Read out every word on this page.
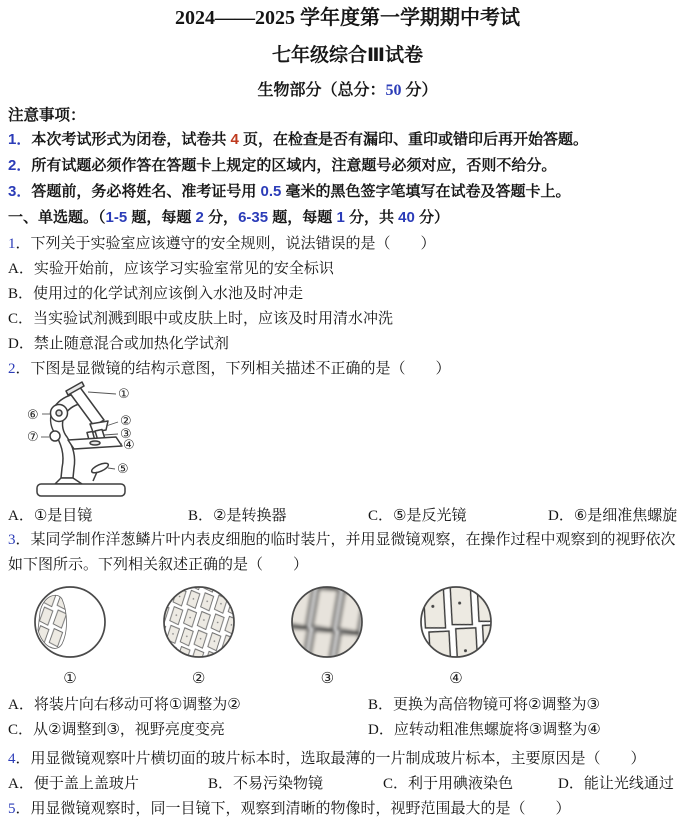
2024——2025 学年度第一学期期中考试
七年级综合Ⅲ试卷
生物部分（总分：50 分）
注意事项：
1．本次考试形式为闭卷，试卷共 4 页，在检查是否有漏印、重印或错印后再开始答题。
2．所有试题必须作答在答题卡上规定的区域内，注意题号必须对应，否则不给分。
3．答题前，务必将姓名、准考证号用 0.5 毫米的黑色签字笔填写在试卷及答题卡上。
一、单选题。（1-5 题，每题 2 分，6-35 题，每题 1 分，共 40 分）
1．下列关于实验室应该遵守的安全规则，说法错误的是（　　）
A．实验开始前，应该学习实验室常见的安全标识
B．使用过的化学试剂应该倒入水池及时冲走
C．当实验试剂溅到眼中或皮肤上时，应该及时用清水冲洗
D．禁止随意混合或加热化学试剂
2．下图是显微镜的结构示意图，下列相关描述不正确的是（　　）
①
②
③
④
⑤
⑥
⑦
A．①是目镜	B．②是转换器	C．⑤是反光镜	D．⑥是细准焦螺旋
3．某同学制作洋葱鳞片叶内表皮细胞的临时装片，并用显微镜观察，在操作过程中观察到的视野依次如下图所示。下列相关叙述正确的是（　　）
①	②	③	④
A．将装片向右移动可将①调整为②	B．更换为高倍物镜可将②调整为③
C．从②调整到③，视野亮度变亮	D．应转动粗准焦螺旋将③调整为④
4．用显微镜观察叶片横切面的玻片标本时，选取最薄的一片制成玻片标本，主要原因是（　　）
A．便于盖上盖玻片	B．不易污染物镜	C．利于用碘液染色	D．能让光线通过
5．用显微镜观察时，同一目镜下，观察到清晰的物像时，视野范围最大的是（　　）
